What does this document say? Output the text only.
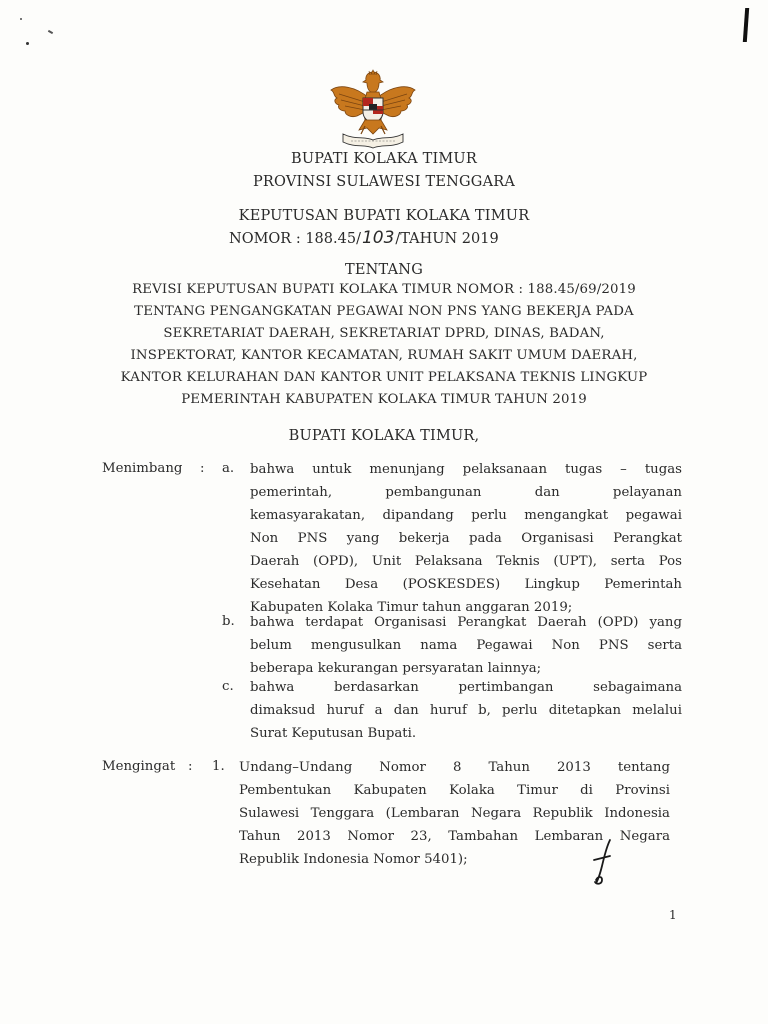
BUPATI KOLAKA TIMUR
PROVINSI SULAWESI TENGGARA
KEPUTUSAN BUPATI KOLAKA TIMUR
NOMOR : 188.45/103/TAHUN 2019
TENTANG
REVISI KEPUTUSAN BUPATI KOLAKA TIMUR NOMOR : 188.45/69/2019
TENTANG PENGANGKATAN PEGAWAI NON PNS YANG BEKERJA PADA
SEKRETARIAT DAERAH, SEKRETARIAT DPRD, DINAS, BADAN,
INSPEKTORAT, KANTOR KECAMATAN, RUMAH SAKIT UMUM DAERAH,
KANTOR KELURAHAN DAN KANTOR UNIT PELAKSANA TEKNIS LINGKUP
PEMERINTAH KABUPATEN KOLAKA TIMUR TAHUN 2019
BUPATI KOLAKA TIMUR,
Menimbang : a. bahwa untuk menunjang pelaksanaan tugas – tugas
pemerintah, pembangunan dan pelayanan
kemasyarakatan, dipandang perlu mengangkat pegawai
Non PNS yang bekerja pada Organisasi Perangkat
Daerah (OPD), Unit Pelaksana Teknis (UPT), serta Pos
Kesehatan Desa (POSKESDES) Lingkup Pemerintah
Kabupaten Kolaka Timur tahun anggaran 2019;
b. bahwa terdapat Organisasi Perangkat Daerah (OPD) yang
belum mengusulkan nama Pegawai Non PNS serta
beberapa kekurangan persyaratan lainnya;
c. bahwa berdasarkan pertimbangan sebagaimana
dimaksud huruf a dan huruf b, perlu ditetapkan melalui
Surat Keputusan Bupati.
Mengingat : 1. Undang–Undang Nomor 8 Tahun 2013 tentang
Pembentukan Kabupaten Kolaka Timur di Provinsi
Sulawesi Tenggara (Lembaran Negara Republik Indonesia
Tahun 2013 Nomor 23, Tambahan Lembaran Negara
Republik Indonesia Nomor 5401);
1
